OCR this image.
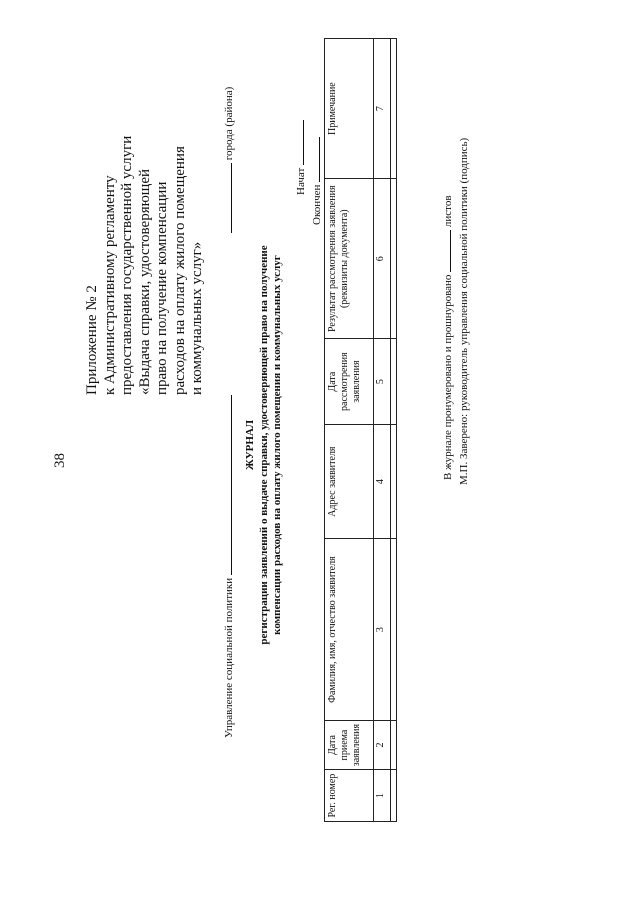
38
Приложение № 2 к Административному регламенту предоставления государственной услуги «Выдача справки, удостоверяющей право на получение компенсации расходов на оплату жилого помещения и коммунальных услуг»
Управление социальной политики
города (района)
ЖУРНАЛ регистрации заявлений о выдаче справки, удостоверяющей право на получение компенсации расходов на оплату жилого помещения и коммунальных услуг
Начат
Окончен
Рег. номер	Дата приема заявления	Фамилия, имя, отчество заявителя	Адрес заявителя	Дата рассмотрения заявления	Результат рассмотрения заявления (реквизиты документа)	Примечание
1	2	3	4	5	6	7

В журнале пронумеровано и прошнуровано  листов М.П. Заверено: руководитель управления социальной политики (подпись)
